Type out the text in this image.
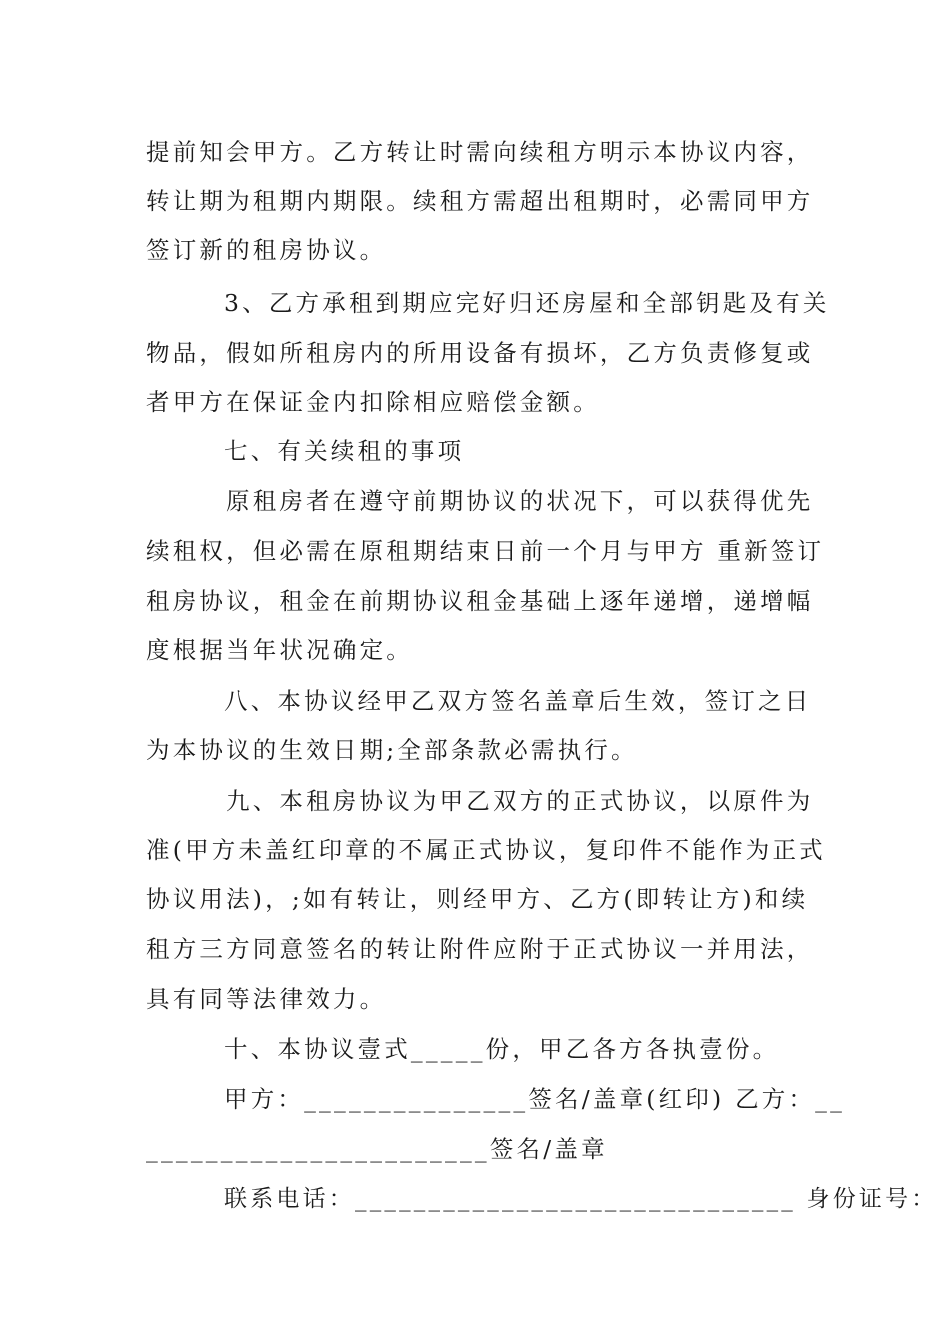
提前知会甲方。乙方转让时需向续租方明示本协议内容，
转让期为租期内期限。续租方需超出租期时，必需同甲方
签订新的租房协议。
3、乙方承租到期应完好归还房屋和全部钥匙及有关
物品，假如所租房内的所用设备有损坏，乙方负责修复或
者甲方在保证金内扣除相应赔偿金额。
七、有关续租的事项
原租房者在遵守前期协议的状况下，可以获得优先
续租权，但必需在原租期结束日前一个月与甲方 重新签订
租房协议，租金在前期协议租金基础上逐年递增，递增幅
度根据当年状况确定。
八、本协议经甲乙双方签名盖章后生效，签订之日
为本协议的生效日期;全部条款必需执行。
九、本租房协议为甲乙双方的正式协议，以原件为
准(甲方未盖红印章的不属正式协议，复印件不能作为正式
协议用法)，;如有转让，则经甲方、乙方(即转让方)和续
租方三方同意签名的转让附件应附于正式协议一并用法，
具有同等法律效力。
十、本协议壹式_____份，甲乙各方各执壹份。
甲方：_______________签名/盖章(红印) 乙方：__
_______________________签名/盖章
联系电话：______________________________ 身份证号：
